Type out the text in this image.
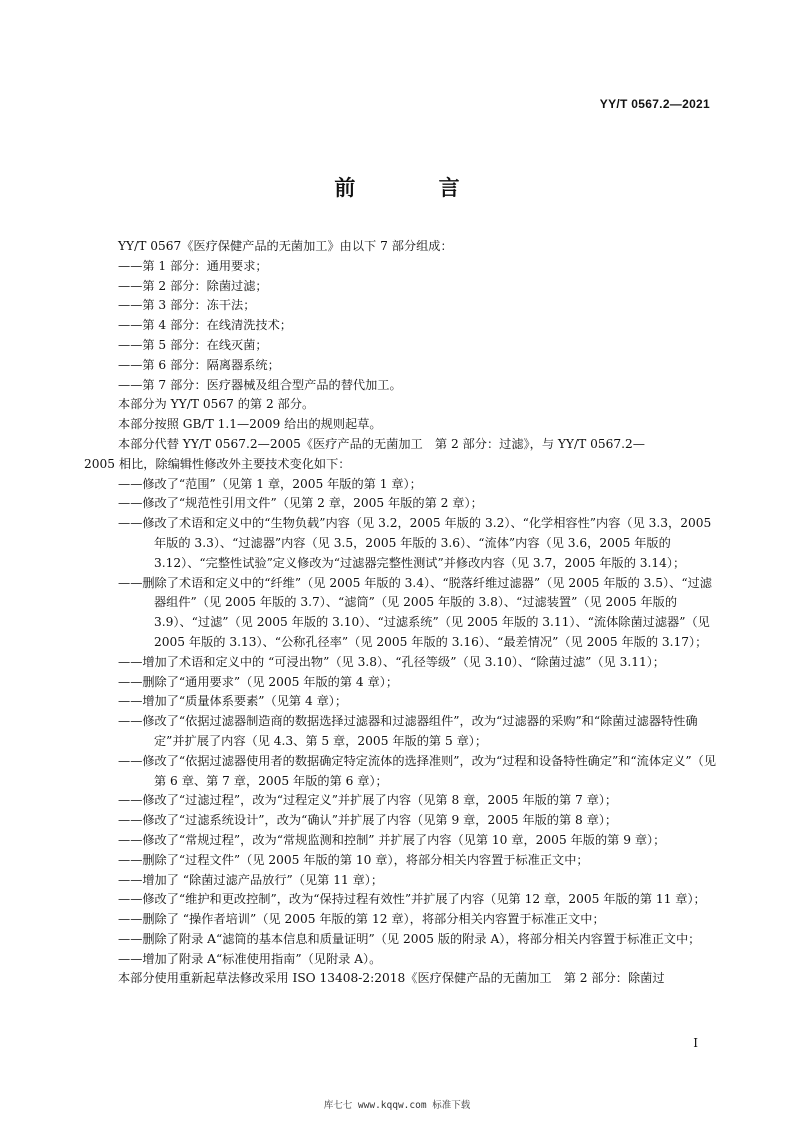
YY/T 0567.2—2021
前 言

YY/T 0567《医疗保健产品的无菌加工》由以下 7 部分组成：

——第 1 部分：通用要求；

——第 2 部分：除菌过滤；

——第 3 部分：冻干法；

——第 4 部分：在线清洗技术；

——第 5 部分：在线灭菌；

——第 6 部分：隔离器系统；

——第 7 部分：医疗器械及组合型产品的替代加工。

本部分为 YY/T 0567 的第 2 部分。

本部分按照 GB/T 1.1—2009 给出的规则起草。

本部分代替 YY/T 0567.2—2005《医疗产品的无菌加工　第 2 部分：过滤》，与 YY/T 0567.2—

2005 相比，除编辑性修改外主要技术变化如下：

——修改了“范围”（见第 1 章，2005 年版的第 1 章）；

——修改了“规范性引用文件”（见第 2 章，2005 年版的第 2 章）；

——修改了术语和定义中的“生物负载”内容（见 3.2，2005 年版的 3.2）、“化学相容性”内容（见 3.3，2005 年版的 3.3）、“过滤器”内容（见 3.5，2005 年版的 3.6）、“流体”内容（见 3.6，2005 年版的 3.12）、“完整性试验”定义修改为“过滤器完整性测试”并修改内容（见 3.7，2005 年版的 3.14）；

——删除了术语和定义中的“纤维”（见 2005 年版的 3.4）、“脱落纤维过滤器”（见 2005 年版的 3.5）、“过滤器组件”（见 2005 年版的 3.7）、“滤筒”（见 2005 年版的 3.8）、“过滤装置”（见 2005 年版的 3.9）、“过滤”（见 2005 年版的 3.10）、“过滤系统”（见 2005 年版的 3.11）、“流体除菌过滤器”（见 2005 年版的 3.13）、“公称孔径率”（见 2005 年版的 3.16）、“最差情况”（见 2005 年版的 3.17）；

——增加了术语和定义中的 “可浸出物”（见 3.8）、“孔径等级”（见 3.10）、“除菌过滤”（见 3.11）；

——删除了“通用要求”（见 2005 年版的第 4 章）；

——增加了“质量体系要素”（见第 4 章）；

——修改了“依据过滤器制造商的数据选择过滤器和过滤器组件”，改为“过滤器的采购”和“除菌过滤器特性确定”并扩展了内容（见 4.3、第 5 章，2005 年版的第 5 章）；

——修改了“依据过滤器使用者的数据确定特定流体的选择准则”，改为“过程和设备特性确定”和“流体定义”（见第 6 章、第 7 章，2005 年版的第 6 章）；

——修改了“过滤过程”，改为“过程定义”并扩展了内容（见第 8 章，2005 年版的第 7 章）；

——修改了“过滤系统设计”，改为“确认”并扩展了内容（见第 9 章，2005 年版的第 8 章）；

——修改了“常规过程”，改为“常规监测和控制” 并扩展了内容（见第 10 章，2005 年版的第 9 章）；

——删除了“过程文件”（见 2005 年版的第 10 章），将部分相关内容置于标准正文中；

——增加了 “除菌过滤产品放行”（见第 11 章）；

——修改了“维护和更改控制”，改为“保持过程有效性”并扩展了内容（见第 12 章，2005 年版的第 11 章）；

——删除了 “操作者培训”（见 2005 年版的第 12 章），将部分相关内容置于标准正文中；

——删除了附录 A“滤筒的基本信息和质量证明”（见 2005 版的附录 A），将部分相关内容置于标准正文中；

——增加了附录 A“标准使用指南”（见附录 A）。

本部分使用重新起草法修改采用 ISO 13408-2:2018《医疗保健产品的无菌加工　第 2 部分：除菌过

I
库七七 www.kqqw.com 标准下载
